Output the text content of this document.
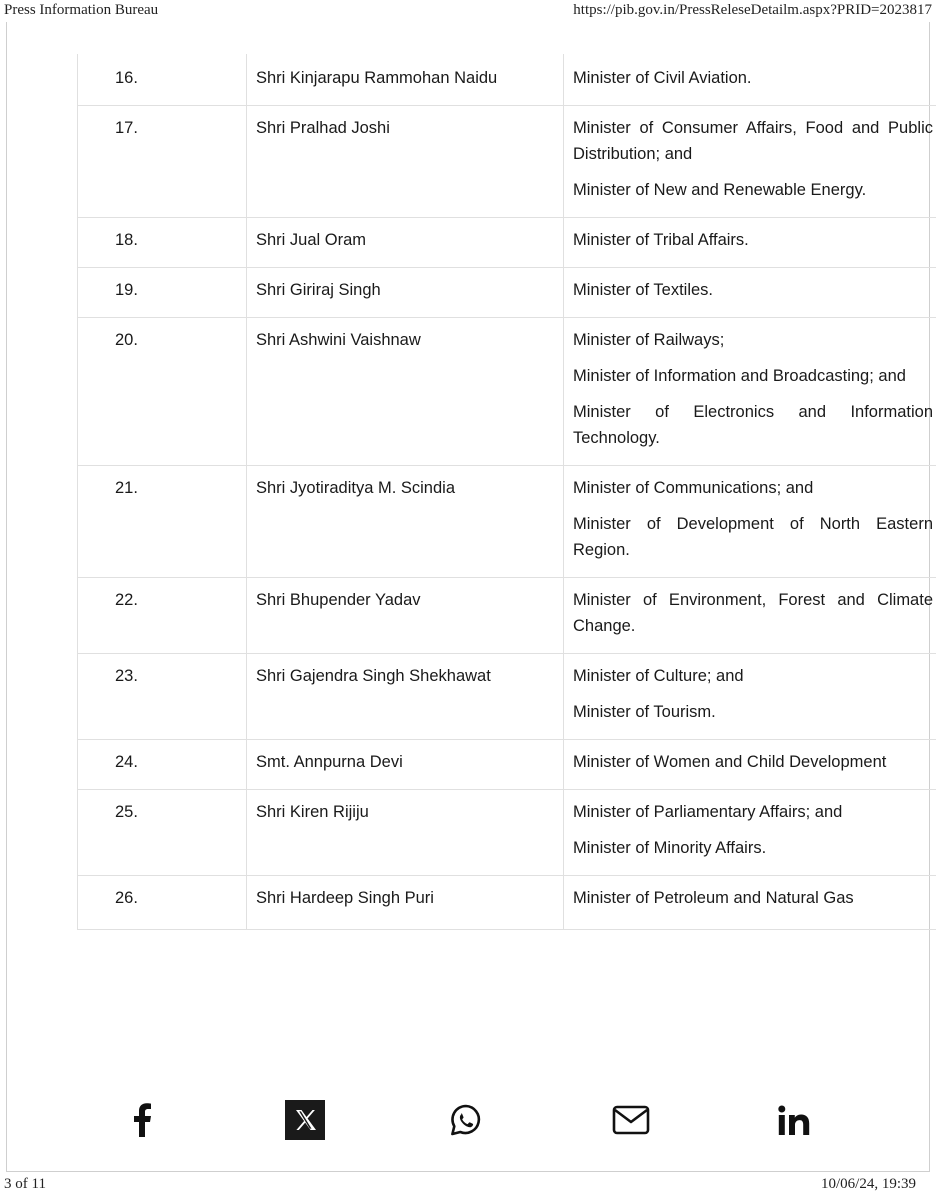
Press Information Bureau	https://pib.gov.in/PressReleseDetailm.aspx?PRID=2023817
16.	Shri Kinjarapu Rammohan Naidu	Minister of Civil Aviation.

17.	Shri Pralhad Joshi	Minister of Consumer Affairs, Food and Public Distribution; and

Minister of New and Renewable Energy.

18.	Shri Jual Oram	Minister of Tribal Affairs.

19.	Shri Giriraj Singh	Minister of Textiles.

20.	Shri Ashwini Vaishnaw	Minister of Railways;

Minister of Information and Broadcasting; and

Minister of Electronics and Information Technology.

21.	Shri Jyotiraditya M. Scindia	Minister of Communications; and

Minister of Development of North Eastern Region.

22.	Shri Bhupender Yadav	Minister of Environment, Forest and Climate Change.

23.	Shri Gajendra Singh Shekhawat	Minister of Culture; and

Minister of Tourism.

24.	Smt. Annpurna Devi	Minister of Women and Child Development

25.	Shri Kiren Rijiju	Minister of Parliamentary Affairs; and

Minister of Minority Affairs.

26.	Shri Hardeep Singh Puri	Minister of Petroleum and Natural Gas

3 of 11	10/06/24, 19:39
